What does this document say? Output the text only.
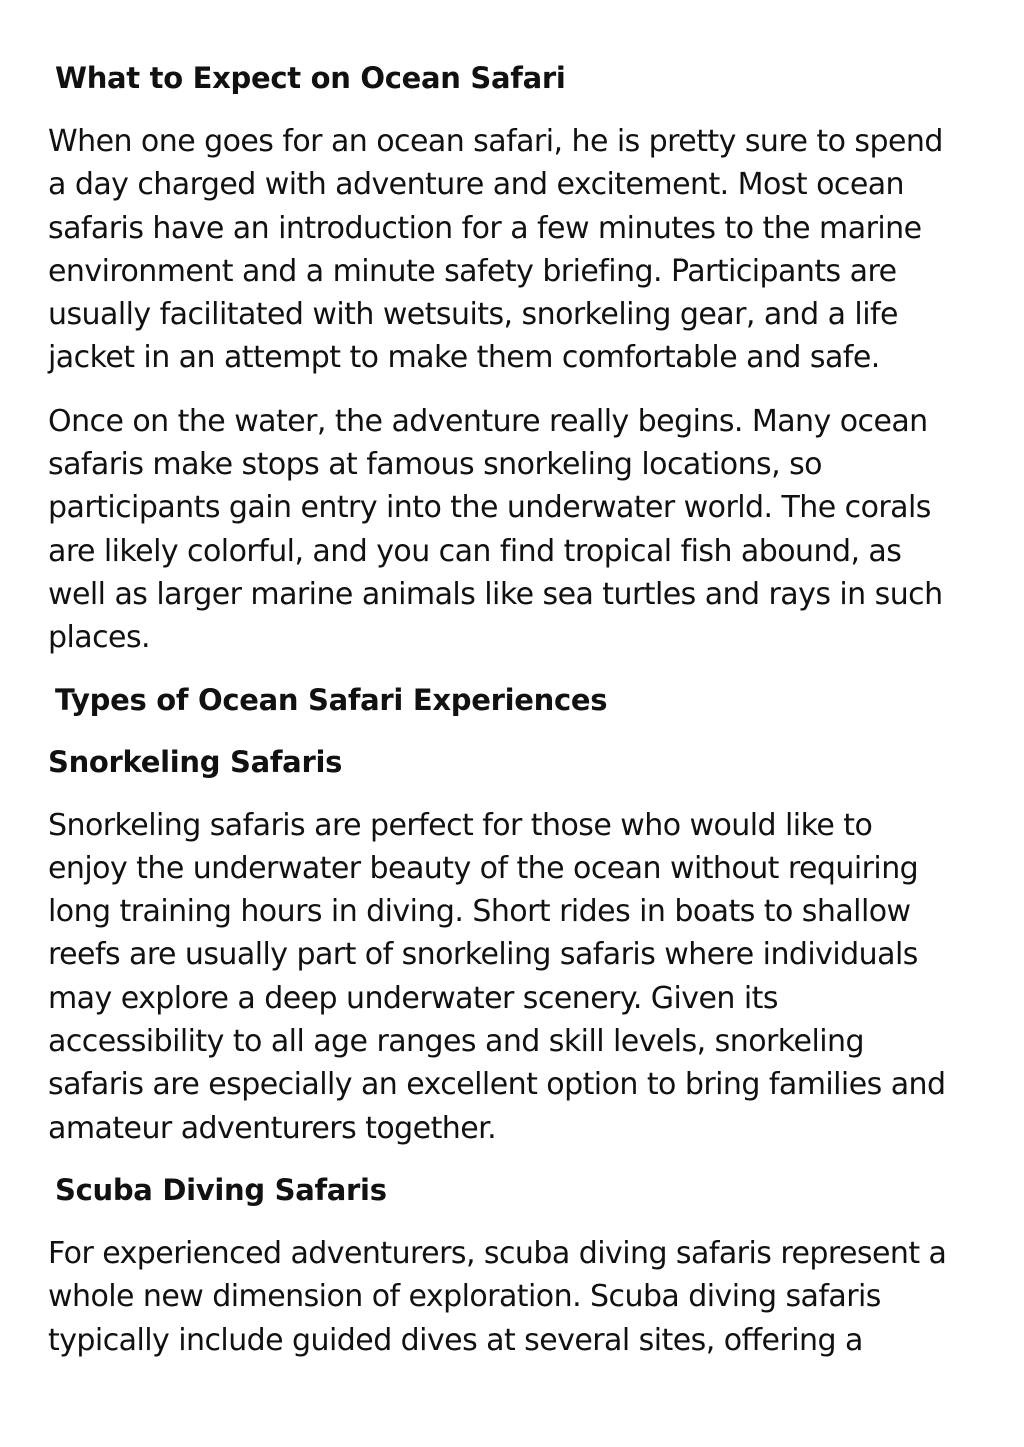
What to Expect on Ocean Safari

When one goes for an ocean safari, he is pretty sure to spend
a day charged with adventure and excitement. Most ocean
safaris have an introduction for a few minutes to the marine
environment and a minute safety briefing. Participants are
usually facilitated with wetsuits, snorkeling gear, and a life
jacket in an attempt to make them comfortable and safe.

Once on the water, the adventure really begins. Many ocean
safaris make stops at famous snorkeling locations, so
participants gain entry into the underwater world. The corals
are likely colorful, and you can find tropical fish abound, as
well as larger marine animals like sea turtles and rays in such
places.

Types of Ocean Safari Experiences
Snorkeling Safaris

Snorkeling safaris are perfect for those who would like to
enjoy the underwater beauty of the ocean without requiring
long training hours in diving. Short rides in boats to shallow
reefs are usually part of snorkeling safaris where individuals
may explore a deep underwater scenery. Given its
accessibility to all age ranges and skill levels, snorkeling
safaris are especially an excellent option to bring families and
amateur adventurers together.

Scuba Diving Safaris

For experienced adventurers, scuba diving safaris represent a
whole new dimension of exploration. Scuba diving safaris
typically include guided dives at several sites, offering a
